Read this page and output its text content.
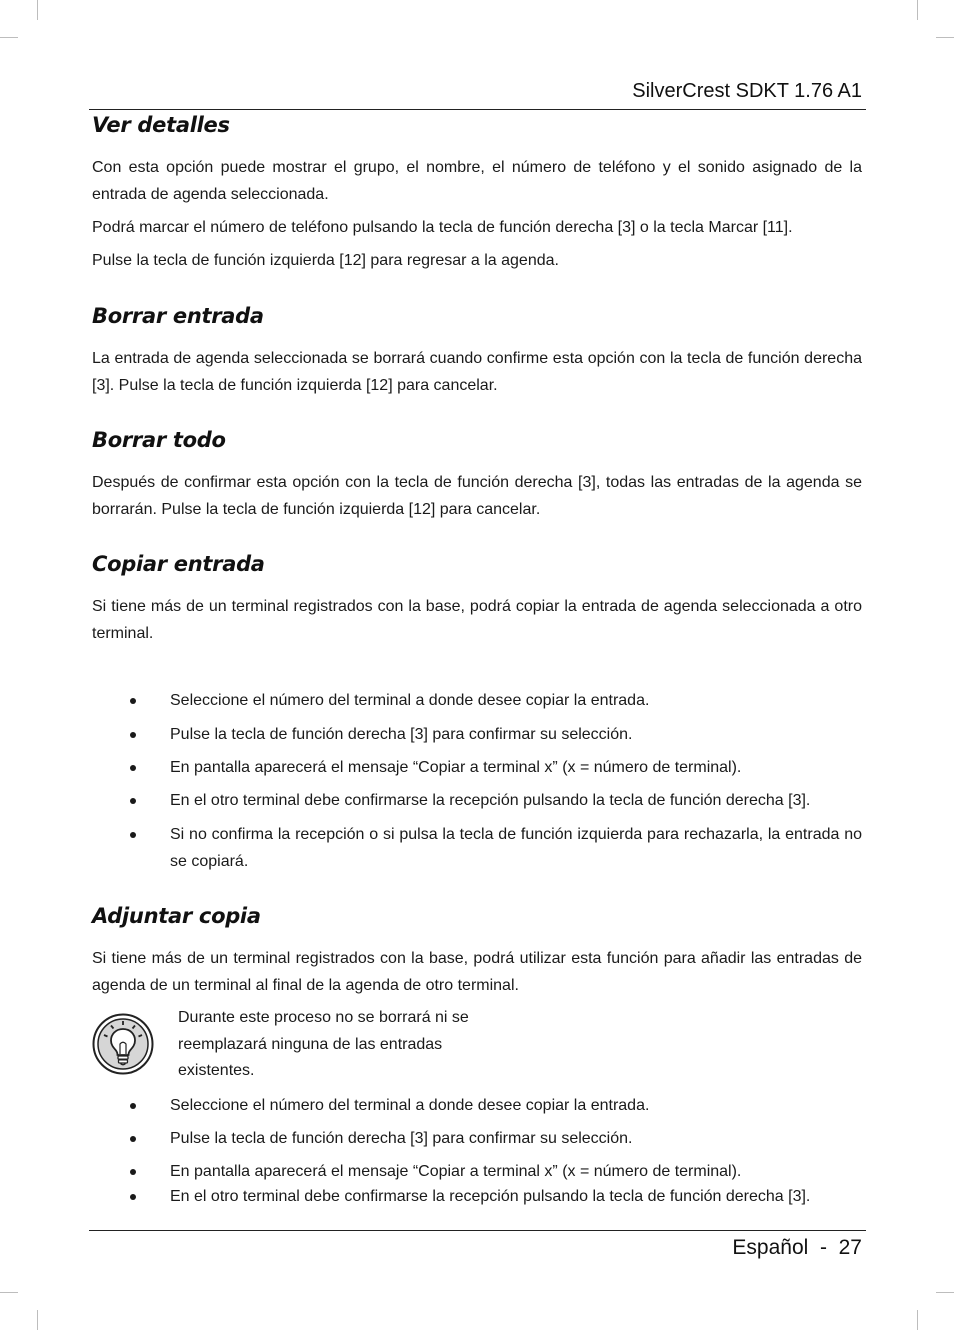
SilverCrest SDKT 1.76 A1
Ver detalles

Con esta opción puede mostrar el grupo, el nombre, el número de teléfono y el sonido asignado de la entrada de agenda seleccionada.

Podrá marcar el número de teléfono pulsando la tecla de función derecha [3] o la tecla Marcar [11].

Pulse la tecla de función izquierda [12] para regresar a la agenda.

Borrar entrada

La entrada de agenda seleccionada se borrará cuando confirme esta opción con la tecla de función derecha [3]. Pulse la tecla de función izquierda [12] para cancelar.

Borrar todo

Después de confirmar esta opción con la tecla de función derecha [3], todas las entradas de la agenda se borrarán. Pulse la tecla de función izquierda [12] para cancelar.

Copiar entrada

Si tiene más de un terminal registrados con la base, podrá copiar la entrada de agenda seleccionada a otro terminal.

Seleccione el número del terminal a donde desee copiar la entrada.
Pulse la tecla de función derecha [3] para confirmar su selección.
En pantalla aparecerá el mensaje “Copiar a terminal x” (x = número de terminal).
En el otro terminal debe confirmarse la recepción pulsando la tecla de función derecha [3].
Si no confirma la recepción o si pulsa la tecla de función izquierda para rechazarla, la entrada no se copiará.
Adjuntar copia

Si tiene más de un terminal registrados con la base, podrá utilizar esta función para añadir las entradas de agenda de un terminal al final de la agenda de otro terminal.

Seleccione el número del terminal a donde desee copiar la entrada.
Pulse la tecla de función derecha [3] para confirmar su selección.
En pantalla aparecerá el mensaje “Copiar a terminal x” (x = número de terminal).
En el otro terminal debe confirmarse la recepción pulsando la tecla de función derecha [3].
Durante este proceso no se borrará ni se reemplazará ninguna de las entradas existentes.
Español  -  27
